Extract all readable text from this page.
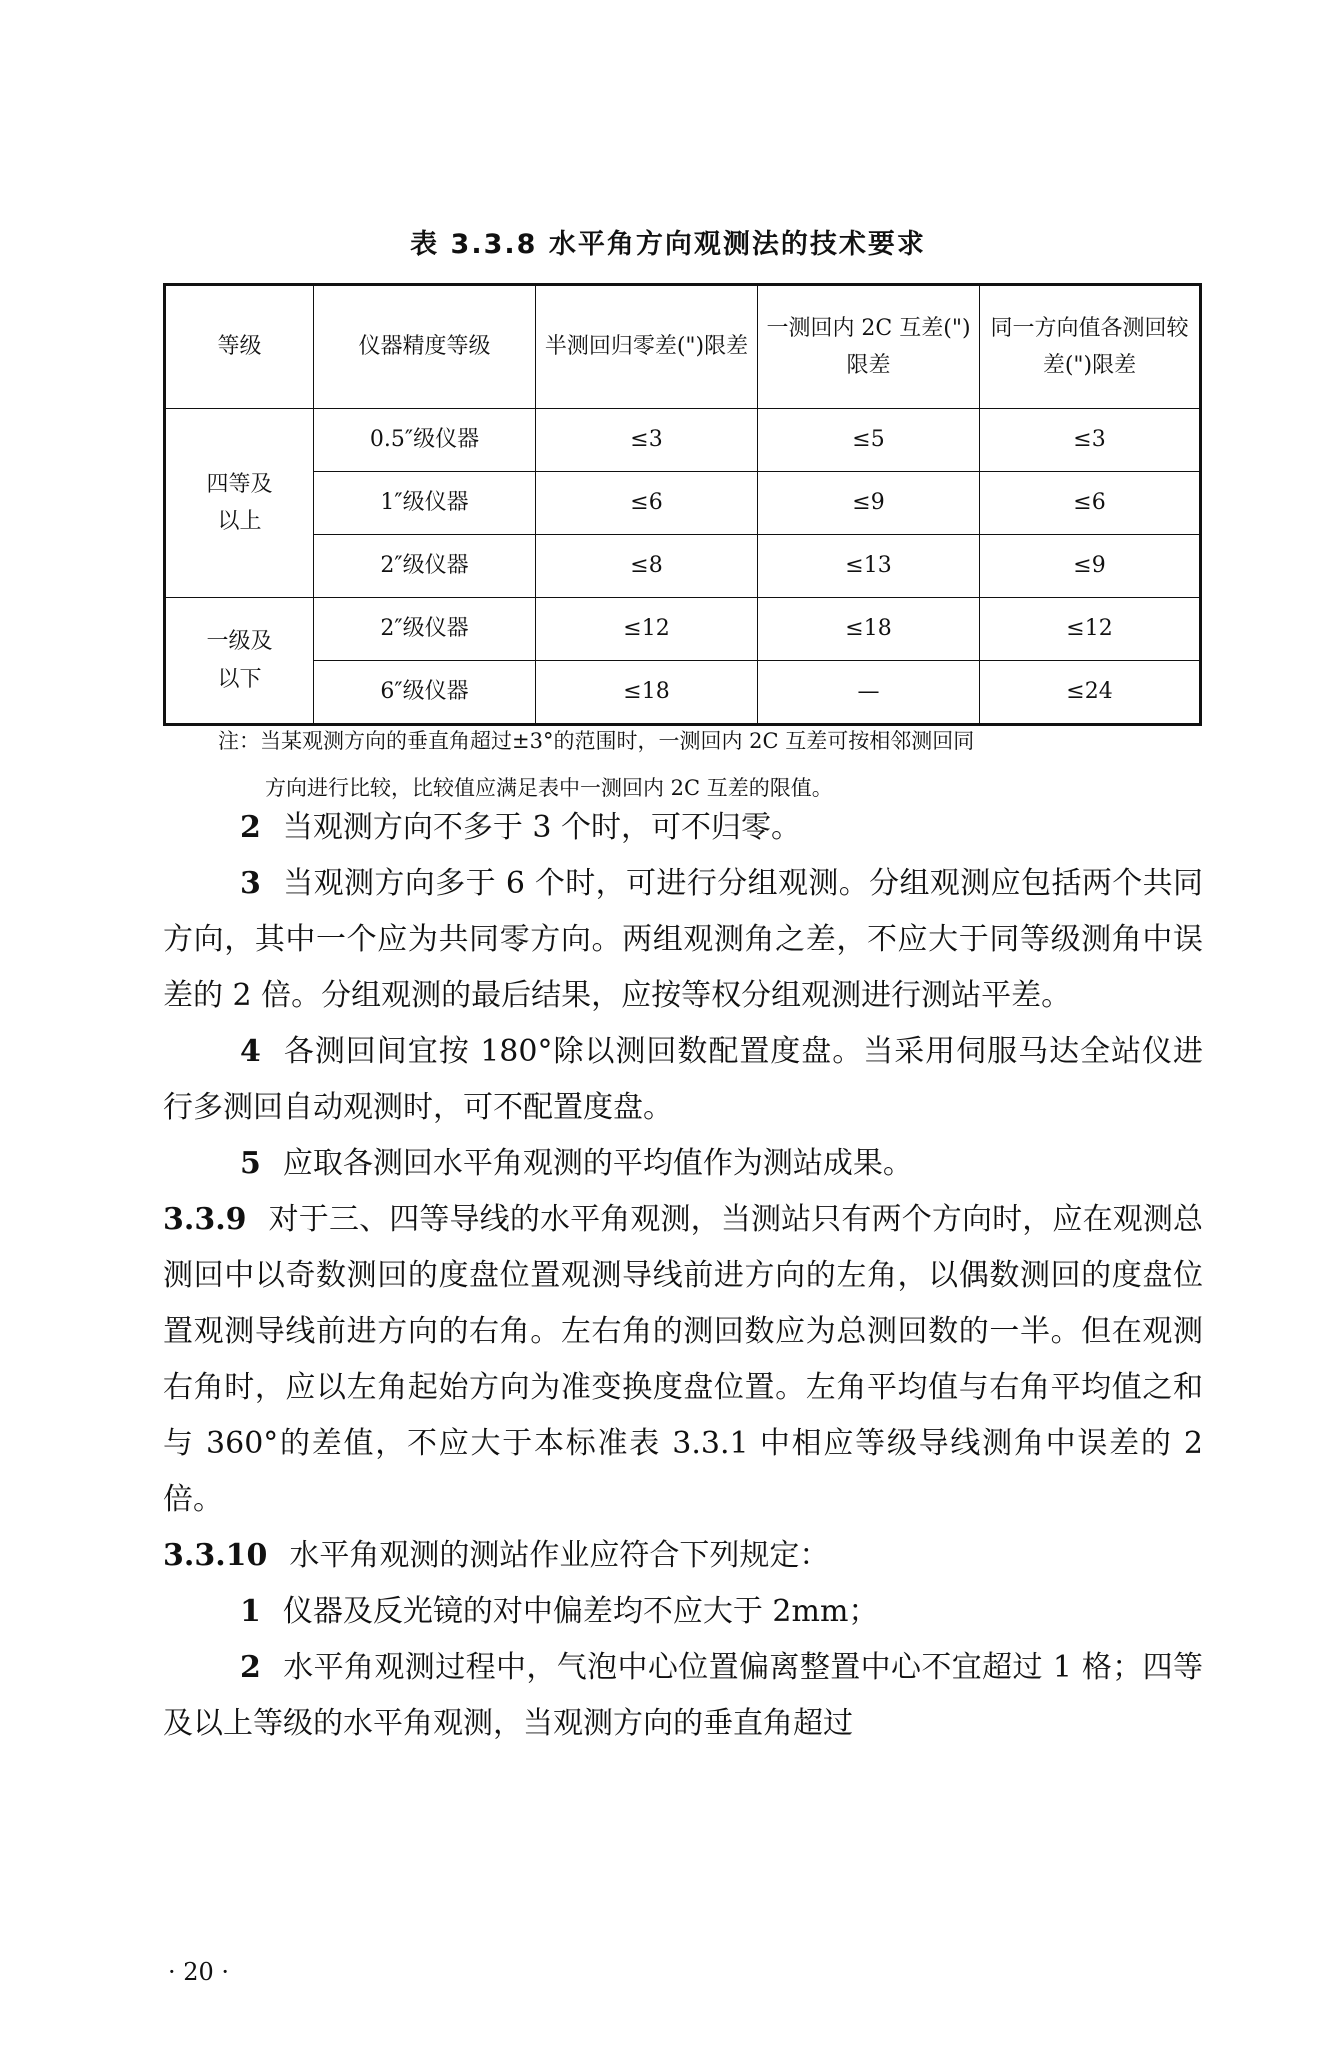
表 3.3.8 水平角方向观测法的技术要求
等级	仪器精度等级	半测回归零差(")限差	一测回内 2C 互差(")限差	同一方向值各测回较差(")限差
四等及以上	0.5″级仪器	≤3	≤5	≤3
	1″级仪器	≤6	≤9	≤6
	2″级仪器	≤8	≤13	≤9
一级及以下	2″级仪器	≤12	≤18	≤12
	6″级仪器	≤18	—	≤24
注：当某观测方向的垂直角超过±3°的范围时，一测回内 2C 互差可按相邻测回同
方向进行比较，比较值应满足表中一测回内 2C 互差的限值。

2 当观测方向不多于 3 个时，可不归零。

3 当观测方向多于 6 个时，可进行分组观测。分组观测应包括两个共同方向，其中一个应为共同零方向。两组观测角之差，不应大于同等级测角中误差的 2 倍。分组观测的最后结果，应按等权分组观测进行测站平差。

4 各测回间宜按 180°除以测回数配置度盘。当采用伺服马达全站仪进行多测回自动观测时，可不配置度盘。

5 应取各测回水平角观测的平均值作为测站成果。

3.3.9 对于三、四等导线的水平角观测，当测站只有两个方向时，应在观测总测回中以奇数测回的度盘位置观测导线前进方向的左角，以偶数测回的度盘位置观测导线前进方向的右角。左右角的测回数应为总测回数的一半。但在观测右角时，应以左角起始方向为准变换度盘位置。左角平均值与右角平均值之和与 360°的差值，不应大于本标准表 3.3.1 中相应等级导线测角中误差的 2 倍。

3.3.10 水平角观测的测站作业应符合下列规定：

1 仪器及反光镜的对中偏差均不应大于 2mm；

2 水平角观测过程中，气泡中心位置偏离整置中心不宜超过 1 格；四等及以上等级的水平角观测，当观测方向的垂直角超过

· 20 ·
